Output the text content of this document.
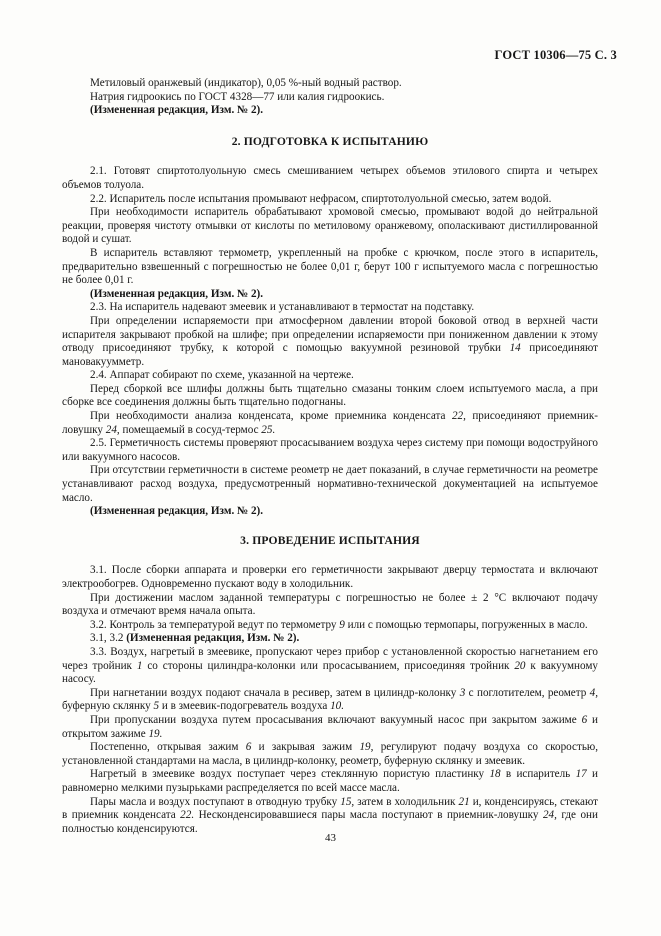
ГОСТ 10306—75 С. 3

Метиловый оранжевый (индикатор), 0,05 %-ный водный раствор.

Натрия гидроокись по ГОСТ 4328—77 или калия гидроокись.

(Измененная редакция, Изм. № 2).

2. ПОДГОТОВКА К ИСПЫТАНИЮ

2.1. Готовят спиртотолуольную смесь смешиванием четырех объемов этилового спирта и четырех объемов толуола.

2.2. Испаритель после испытания промывают нефрасом, спиртотолуольной смесью, затем водой.

При необходимости испаритель обрабатывают хромовой смесью, промывают водой до нейтральной реакции, проверяя чистоту отмывки от кислоты по метиловому оранжевому, ополаскивают дистиллированной водой и сушат.

В испаритель вставляют термометр, укрепленный на пробке с крючком, после этого в испаритель, предварительно взвешенный с погрешностью не более 0,01 г, берут 100 г испытуемого масла с погрешностью не более 0,01 г.

(Измененная редакция, Изм. № 2).

2.3. На испаритель надевают змеевик и устанавливают в термостат на подставку.

При определении испаряемости при атмосферном давлении второй боковой отвод в верхней части испарителя закрывают пробкой на шлифе; при определении испаряемости при пониженном давлении к этому отводу присоединяют трубку, к которой с помощью вакуумной резиновой трубки 14 присоединяют мановакуумметр.

2.4. Аппарат собирают по схеме, указанной на чертеже.

Перед сборкой все шлифы должны быть тщательно смазаны тонким слоем испытуемого масла, а при сборке все соединения должны быть тщательно подогнаны.

При необходимости анализа конденсата, кроме приемника конденсата 22, присоединяют приемник-ловушку 24, помещаемый в сосуд-термос 25.

2.5. Герметичность системы проверяют просасыванием воздуха через систему при помощи водоструйного или вакуумного насосов.

При отсутствии герметичности в системе реометр не дает показаний, в случае герметичности на реометре устанавливают расход воздуха, предусмотренный нормативно-технической документацией на испытуемое масло.

(Измененная редакция, Изм. № 2).

3. ПРОВЕДЕНИЕ ИСПЫТАНИЯ

3.1. После сборки аппарата и проверки его герметичности закрывают дверцу термостата и включают электрообогрев. Одновременно пускают воду в холодильник.

При достижении маслом заданной температуры с погрешностью не более ± 2 °С включают подачу воздуха и отмечают время начала опыта.

3.2. Контроль за температурой ведут по термометру 9 или с помощью термопары, погруженных в масло.

3.1, 3.2 (Измененная редакция, Изм. № 2).

3.3. Воздух, нагретый в змеевике, пропускают через прибор с установленной скоростью нагнетанием его через тройник 1 со стороны цилиндра-колонки или просасыванием, присоединяя тройник 20 к вакуумному насосу.

При нагнетании воздух подают сначала в ресивер, затем в цилиндр-колонку 3 с поглотителем, реометр 4, буферную склянку 5 и в змеевик-подогреватель воздуха 10.

При пропускании воздуха путем просасывания включают вакуумный насос при закрытом зажиме 6 и открытом зажиме 19.

Постепенно, открывая зажим 6 и закрывая зажим 19, регулируют подачу воздуха со скоростью, установленной стандартами на масла, в цилиндр-колонку, реометр, буферную склянку и змеевик.

Нагретый в змеевике воздух поступает через стеклянную пористую пластинку 18 в испаритель 17 и равномерно мелкими пузырьками распределяется по всей массе масла.

Пары масла и воздух поступают в отводную трубку 15, затем в холодильник 21 и, конденсируясь, стекают в приемник конденсата 22. Несконденсировавшиеся пары масла поступают в приемник-ловушку 24, где они полностью конденсируются.

43
